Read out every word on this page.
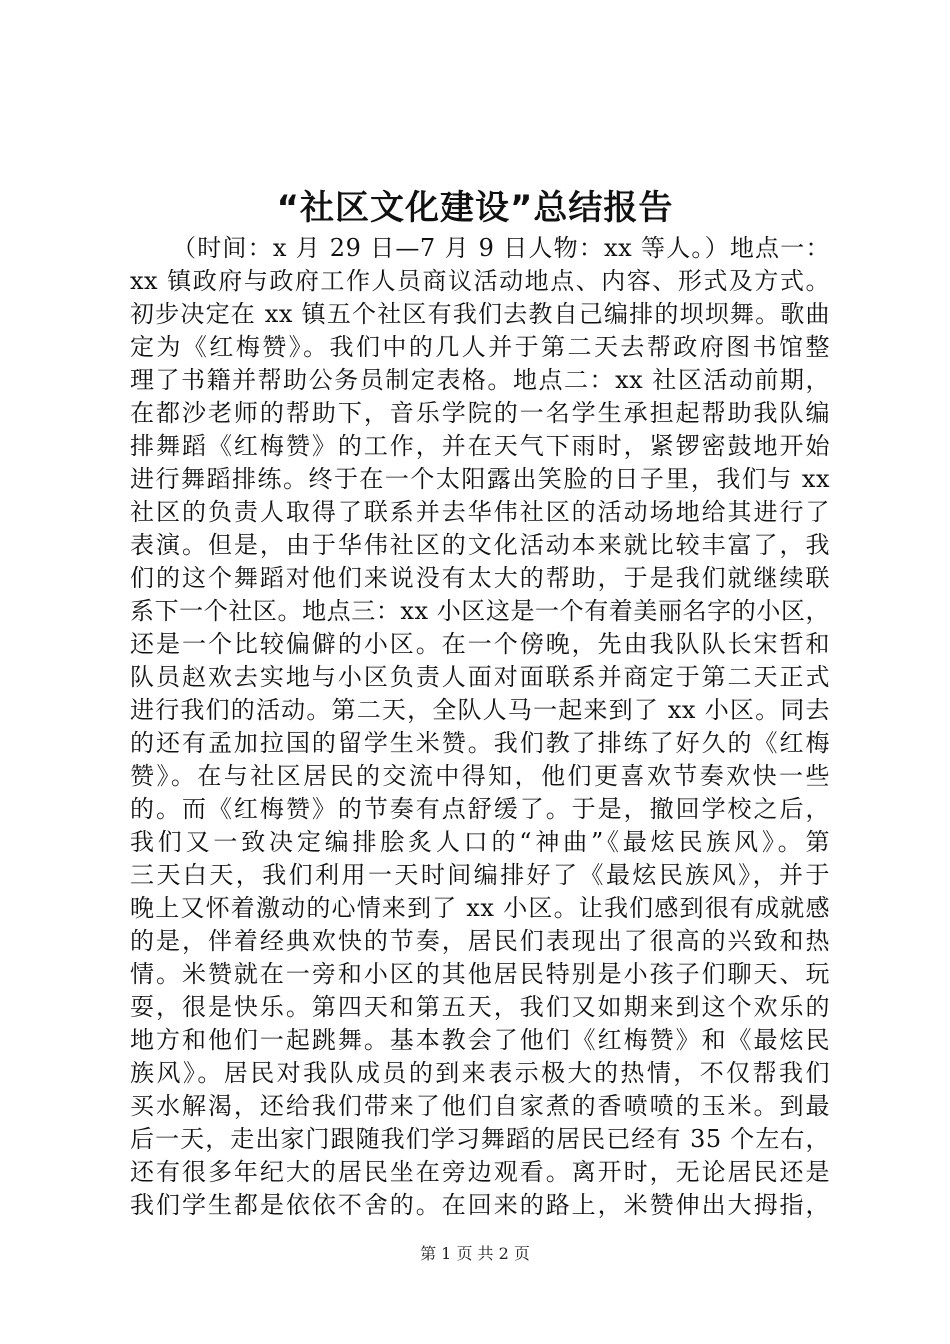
“社区文化建设”总结报告
（时间：x 月 29 日—7 月 9 日人物：xx 等人。）地点一：
xx 镇政府与政府工作人员商议活动地点、内容、形式及方式。
初步决定在 xx 镇五个社区有我们去教自己编排的坝坝舞。歌曲
定为《红梅赞》。我们中的几人并于第二天去帮政府图书馆整
理了书籍并帮助公务员制定表格。地点二：xx 社区活动前期，
在都沙老师的帮助下，音乐学院的一名学生承担起帮助我队编
排舞蹈《红梅赞》的工作，并在天气下雨时，紧锣密鼓地开始
进行舞蹈排练。终于在一个太阳露出笑脸的日子里，我们与 xx
社区的负责人取得了联系并去华伟社区的活动场地给其进行了
表演。但是，由于华伟社区的文化活动本来就比较丰富了，我
们的这个舞蹈对他们来说没有太大的帮助，于是我们就继续联
系下一个社区。地点三：xx 小区这是一个有着美丽名字的小区，
还是一个比较偏僻的小区。在一个傍晚，先由我队队长宋哲和
队员赵欢去实地与小区负责人面对面联系并商定于第二天正式
进行我们的活动。第二天，全队人马一起来到了 xx 小区。同去
的还有孟加拉国的留学生米赞。我们教了排练了好久的《红梅
赞》。在与社区居民的交流中得知，他们更喜欢节奏欢快一些
的。而《红梅赞》的节奏有点舒缓了。于是，撤回学校之后，
我们又一致决定编排脍炙人口的“神曲”《最炫民族风》。第
三天白天，我们利用一天时间编排好了《最炫民族风》，并于
晚上又怀着激动的心情来到了 xx 小区。让我们感到很有成就感
的是，伴着经典欢快的节奏，居民们表现出了很高的兴致和热
情。米赞就在一旁和小区的其他居民特别是小孩子们聊天、玩
耍，很是快乐。第四天和第五天，我们又如期来到这个欢乐的
地方和他们一起跳舞。基本教会了他们《红梅赞》和《最炫民
族风》。居民对我队成员的到来表示极大的热情，不仅帮我们
买水解渴，还给我们带来了他们自家煮的香喷喷的玉米。到最
后一天，走出家门跟随我们学习舞蹈的居民已经有 35 个左右，
还有很多年纪大的居民坐在旁边观看。离开时，无论居民还是
我们学生都是依依不舍的。在回来的路上，米赞伸出大拇指，
第 1 页 共 2 页
